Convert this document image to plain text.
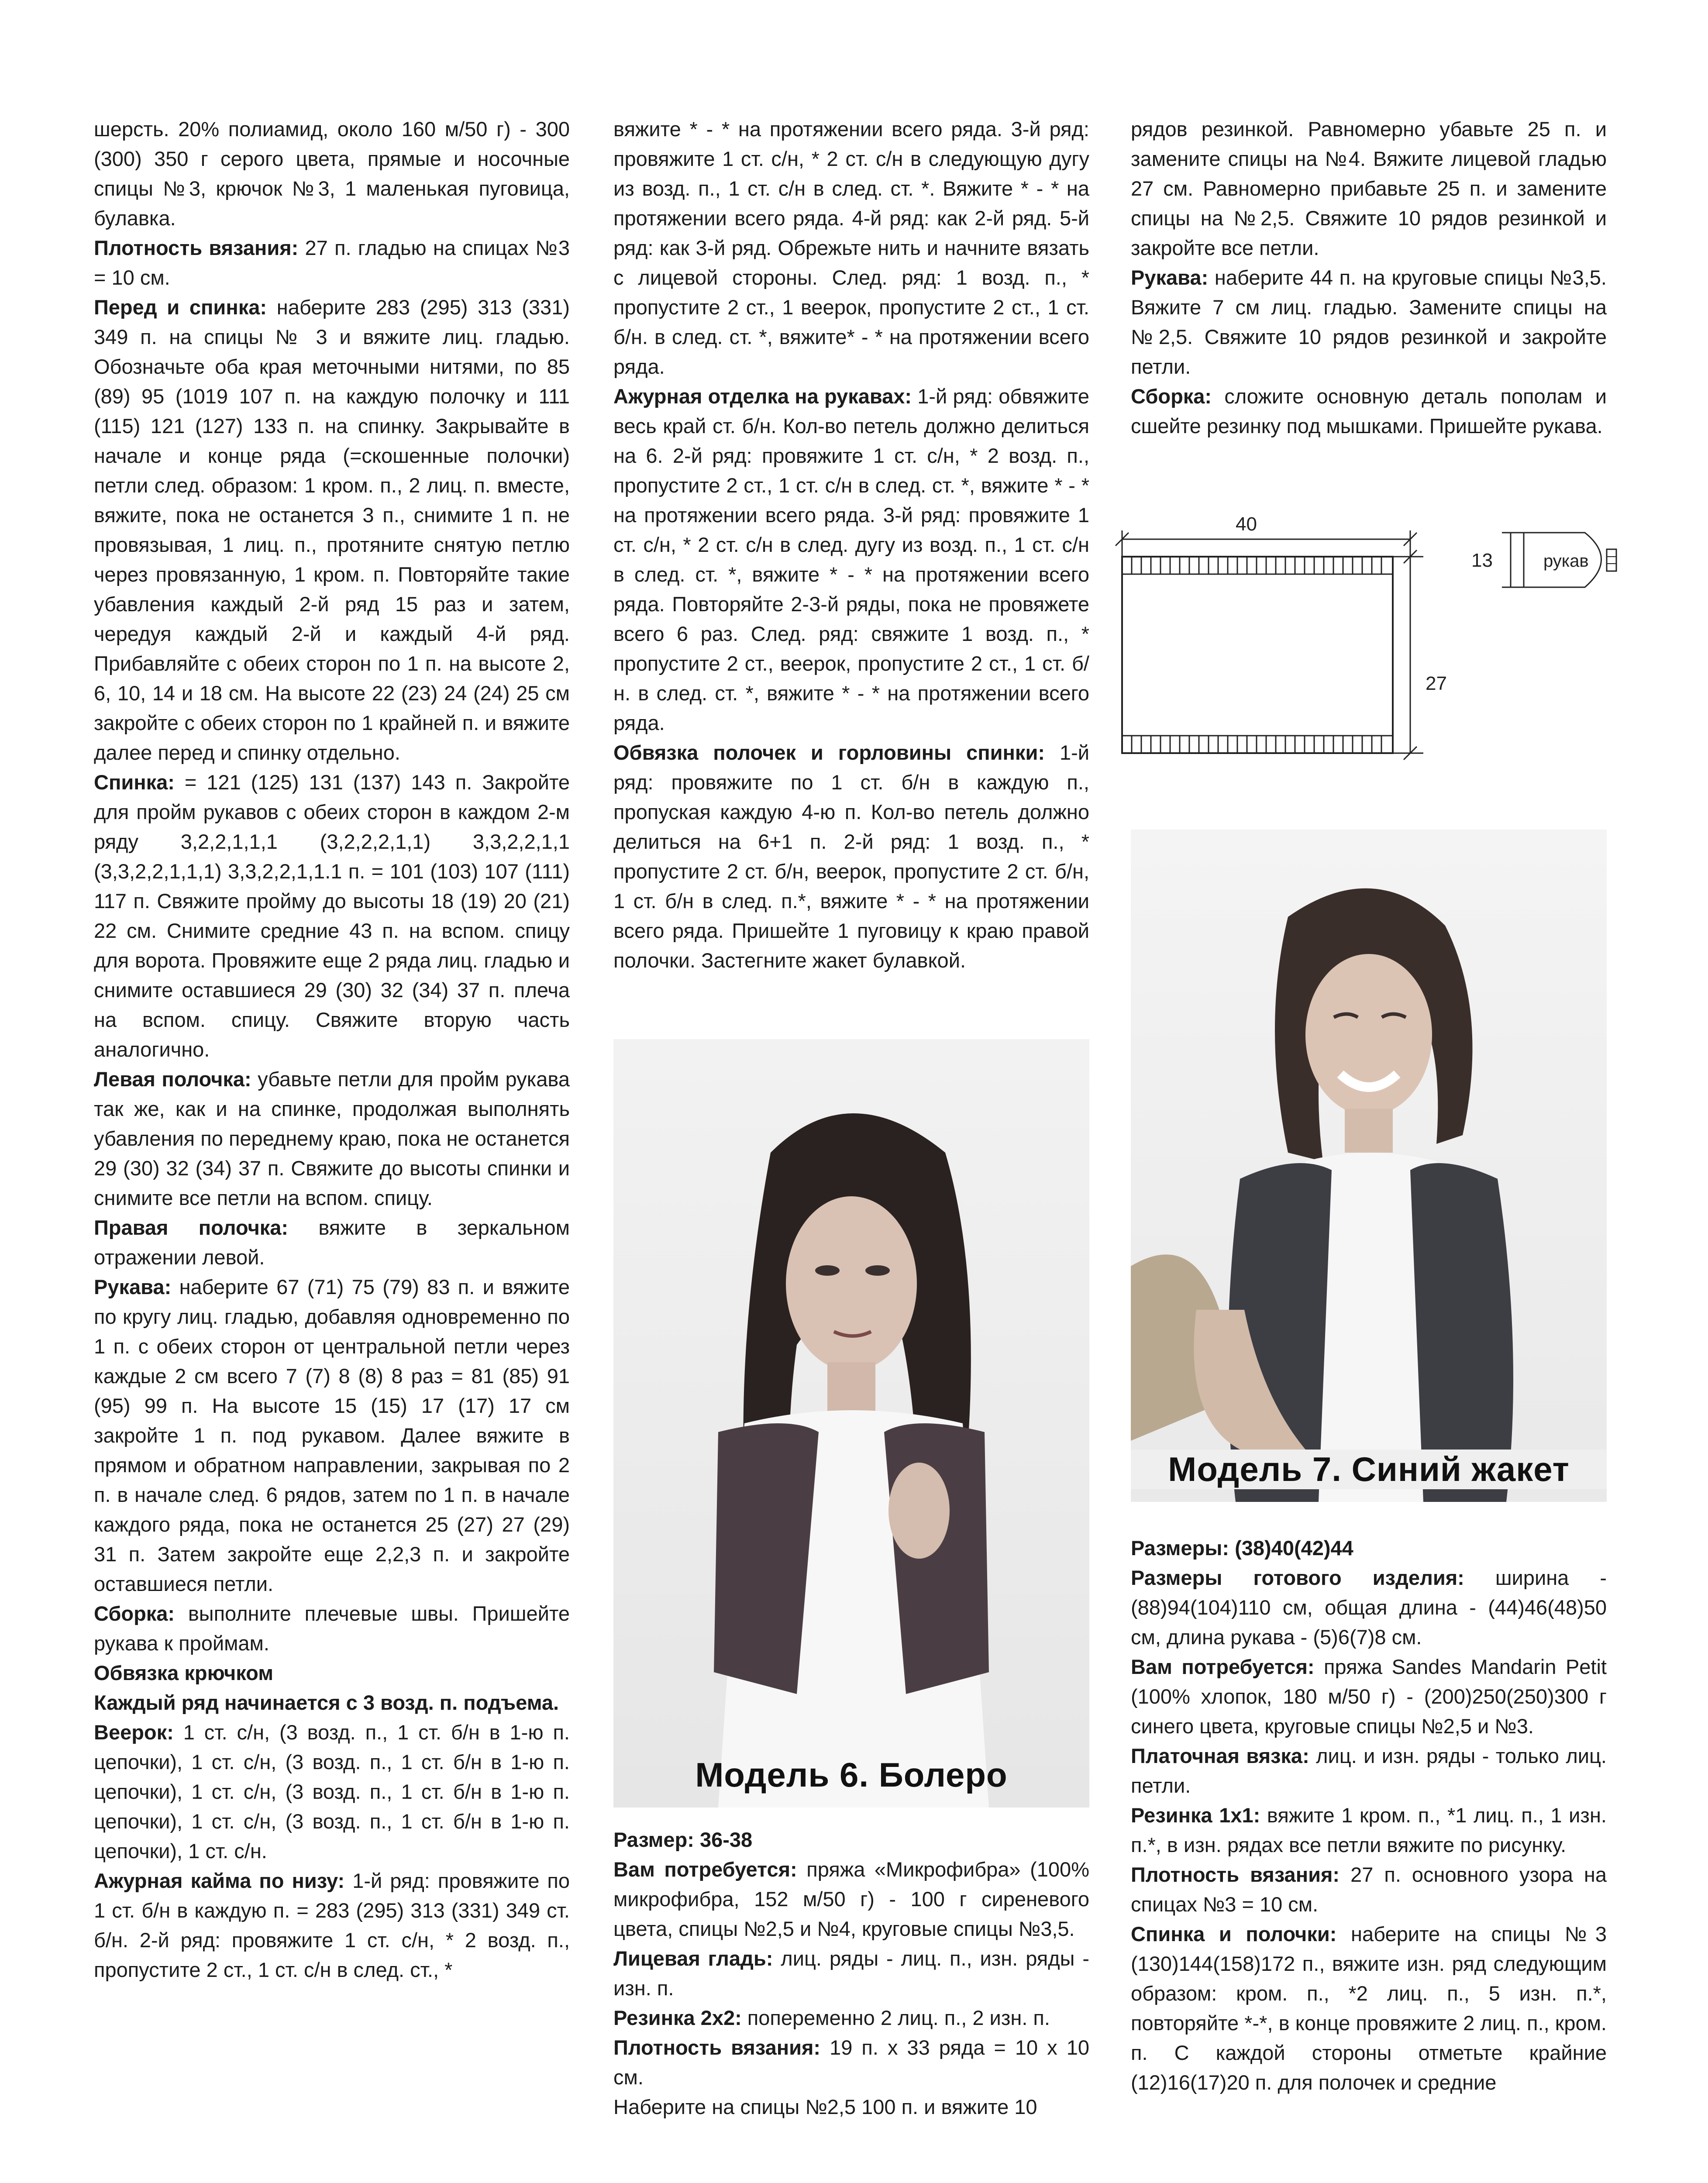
шерсть. 20% полиамид, около 160 м/50 г) - 300 (300) 350 г серого цвета, прямые и носочные спицы №3, крючок №3, 1 маленькая пуговица, булавка.

Плотность вязания: 27 п. гладью на спицах №3 = 10 см.

Перед и спинка: наберите 283 (295) 313 (331) 349 п. на спицы № 3 и вяжите лиц. гладью. Обозначьте оба края меточными нитями, по 85 (89) 95 (1019 107 п. на каждую полочку и 111 (115) 121 (127) 133 п. на спинку. Закрывайте в начале и конце ряда (=скошенные полочки) петли след. образом: 1 кром. п., 2 лиц. п. вместе, вяжите, пока не останется 3 п., снимите 1 п. не провязывая, 1 лиц. п., протяните снятую петлю через провязанную, 1 кром. п. Повторяйте такие убавления каждый 2-й ряд 15 раз и затем, чередуя каждый 2-й и каждый 4-й ряд. Прибавляйте с обеих сторон по 1 п. на высоте 2, 6, 10, 14 и 18 см. На высоте 22 (23) 24 (24) 25 см закройте с обеих сторон по 1 крайней п. и вяжите далее перед и спинку отдельно.

Спинка: = 121 (125) 131 (137) 143 п. Закройте для пройм рукавов с обеих сторон в каждом 2-м ряду 3,2,2,1,1,1 (3,2,2,2,1,1) 3,3,2,2,1,1 (3,3,2,2,1,1,1) 3,3,2,2,1,1.1 п. = 101 (103) 107 (111) 117 п. Свяжите пройму до высоты 18 (19) 20 (21) 22 см. Снимите средние 43 п. на вспом. спицу для ворота. Провяжите еще 2 ряда лиц. гладью и снимите оставшиеся 29 (30) 32 (34) 37 п. плеча на вспом. спицу. Свяжите вторую часть аналогично.

Левая полочка: убавьте петли для пройм рукава так же, как и на спинке, продолжая выполнять убавления по переднему краю, пока не останется 29 (30) 32 (34) 37 п. Свяжите до высоты спинки и снимите все петли на вспом. спицу.

Правая полочка: вяжите в зеркальном отражении левой.

Рукава: наберите 67 (71) 75 (79) 83 п. и вяжите по кругу лиц. гладью, добавляя одновременно по 1 п. с обеих сторон от центральной петли через каждые 2 см всего 7 (7) 8 (8) 8 раз = 81 (85) 91 (95) 99 п. На высоте 15 (15) 17 (17) 17 см закройте 1 п. под рукавом. Далее вяжите в прямом и обратном направлении, закрывая по 2 п. в начале след. 6 рядов, затем по 1 п. в начале каждого ряда, пока не останется 25 (27) 27 (29) 31 п. Затем закройте еще 2,2,3 п. и закройте оставшиеся петли.

Сборка: выполните плечевые швы. Пришейте рукава к проймам.

Обвязка крючком

Каждый ряд начинается с 3 возд. п. подъема.

Веерок: 1 ст. с/н, (3 возд. п., 1 ст. б/н в 1-ю п. цепочки), 1 ст. с/н, (3 возд. п., 1 ст. б/н в 1-ю п. цепочки), 1 ст. с/н, (3 возд. п., 1 ст. б/н в 1-ю п. цепочки), 1 ст. с/н, (3 возд. п., 1 ст. б/н в 1-ю п. цепочки), 1 ст. с/н.

Ажурная кайма по низу: 1-й ряд: провяжите по 1 ст. б/н в каждую п. = 283 (295) 313 (331) 349 ст. б/н. 2-й ряд: провяжите 1 ст. с/н, * 2 возд. п., пропустите 2 ст., 1 ст. с/н в след. ст., *

вяжите * - * на протяжении всего ряда. 3-й ряд: провяжите 1 ст. с/н, * 2 ст. с/н в следующую дугу из возд. п., 1 ст. с/н в след. ст. *. Вяжите * - * на протяжении всего ряда. 4-й ряд: как 2-й ряд. 5-й ряд: как 3-й ряд. Обрежьте нить и начните вязать с лицевой стороны. След. ряд: 1 возд. п., * пропустите 2 ст., 1 веерок, пропустите 2 ст., 1 ст. б/н. в след. ст. *, вяжите* - * на протяжении всего ряда.

Ажурная отделка на рукавах: 1-й ряд: обвяжите весь край ст. б/н. Кол-во петель должно делиться на 6. 2-й ряд: провяжите 1 ст. с/н, * 2 возд. п., пропустите 2 ст., 1 ст. с/н в след. ст. *, вяжите * - * на протяжении всего ряда. 3-й ряд: провяжите 1 ст. с/н, * 2 ст. с/н в след. дугу из возд. п., 1 ст. с/н в след. ст. *, вяжите * - * на протяжении всего ряда. Повторяйте 2-3-й ряды, пока не провяжете всего 6 раз. След. ряд: свяжите 1 возд. п., * пропустите 2 ст., веерок, пропустите 2 ст., 1 ст. б/н. в след. ст. *, вяжите * - * на протяжении всего ряда.

Обвязка полочек и горловины спинки: 1-й ряд: провяжите по 1 ст. б/н в каждую п., пропуская каждую 4-ю п. Кол-во петель должно делиться на 6+1 п. 2-й ряд: 1 возд. п., * пропустите 2 ст. б/н, веерок, пропустите 2 ст. б/н, 1 ст. б/н в след. п.*, вяжите * - * на протяжении всего ряда. Пришейте 1 пуговицу к краю правой полочки. Застегните жакет булавкой.

рядов резинкой. Равномерно убавьте 25 п. и замените спицы на №4. Вяжите лицевой гладью 27 см. Равномерно прибавьте 25 п. и замените спицы на №2,5. Свяжите 10 рядов резинкой и закройте все петли.

Рукава: наберите 44 п. на круговые спицы №3,5. Вяжите 7 см лиц. гладью. Замените спицы на №2,5. Свяжите 10 рядов резинкой и закройте петли.

Сборка: сложите основную деталь пополам и сшейте резинку под мышками. Пришейте рукава.

40
27
13	рукав
Модель 6. Болеро

Размер: 36-38

Вам потребуется: пряжа «Микрофибра» (100% микрофибра, 152 м/50 г) - 100 г сиреневого цвета, спицы №2,5 и №4, круговые спицы №3,5.

Лицевая гладь: лиц. ряды - лиц. п., изн. ряды - изн. п.

Резинка 2х2: попеременно 2 лиц. п., 2 изн. п.

Плотность вязания: 19 п. х 33 ряда = 10 х 10 см.

Наберите на спицы №2,5 100 п. и вяжите 10

Модель 7. Синий жакет

Размеры: (38)40(42)44

Размеры готового изделия: ширина - (88)94(104)110 см, общая длина - (44)46(48)50 см, длина рукава - (5)6(7)8 см.

Вам потребуется: пряжа Sandes Mandarin Petit (100% хлопок, 180 м/50 г) - (200)250(250)300 г синего цвета, круговые спицы №2,5 и №3.

Платочная вязка: лиц. и изн. ряды - только лиц. петли.

Резинка 1х1: вяжите 1 кром. п., *1 лиц. п., 1 изн. п.*, в изн. рядах все петли вяжите по рисунку.

Плотность вязания: 27 п. основного узора на спицах №3 = 10 см.

Спинка и полочки: наберите на спицы №3 (130)144(158)172 п., вяжите изн. ряд следующим образом: кром. п., *2 лиц. п., 5 изн. п.*, повторяйте *-*, в конце провяжите 2 лиц. п., кром. п. С каждой стороны отметьте крайние (12)16(17)20 п. для полочек и средние
